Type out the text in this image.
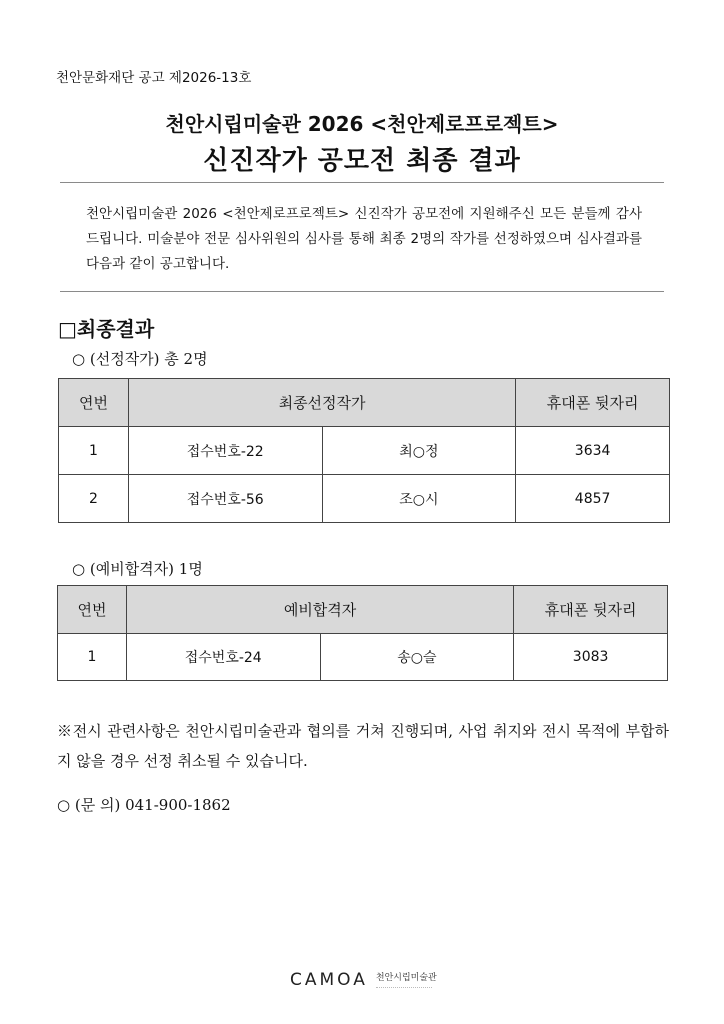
천안문화재단 공고 제2026-13호
천안시립미술관 2026 <천안제로프로젝트>
신진작가 공모전 최종 결과
천안시립미술관 2026 <천안제로프로젝트> 신진작가 공모전에 지원해주신 모든 분들께 감사드립니다. 미술분야 전문 심사위원의 심사를 통해 최종 2명의 작가를 선정하였으며 심사결과를 다음과 같이 공고합니다.
□최종결과
○ (선정작가) 총 2명
연번	최종선정작가		휴대폰 뒷자리
1	접수번호-22	최○정	3634
2	접수번호-56	조○시	4857
○ (예비합격자) 1명
연번	예비합격자		휴대폰 뒷자리
1	접수번호-24	송○슬	3083
※전시 관련사항은 천안시립미술관과 협의를 거쳐 진행되며, 사업 취지와 전시 목적에 부합하지 않을 경우 선정 취소될 수 있습니다.
○ (문 의) 041-900-1862
CAMOA 천안시립미술관
